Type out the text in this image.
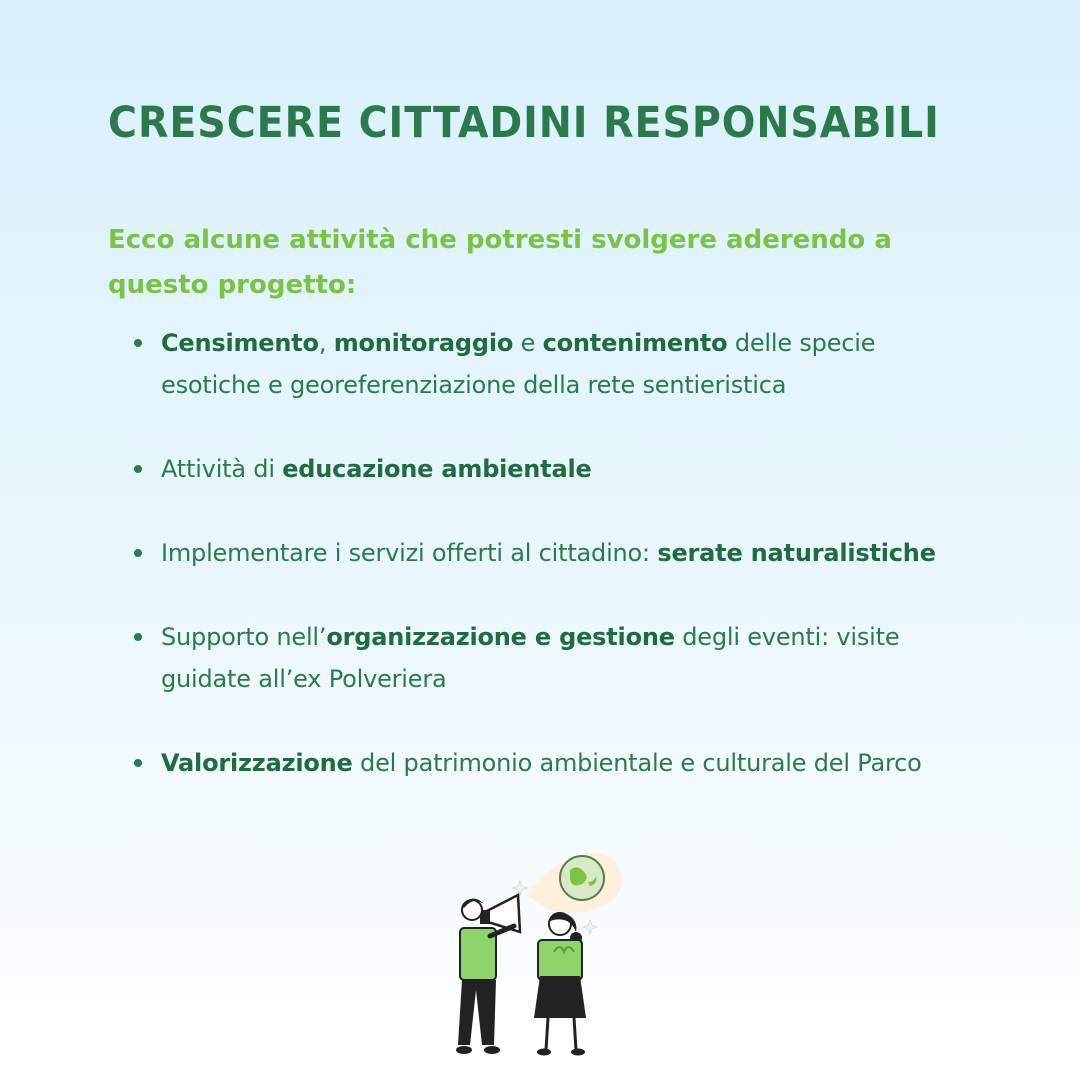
CRESCERE CITTADINI RESPONSABILI
Ecco alcune attività che potresti svolgere aderendo a questo progetto:
Censimento, monitoraggio e contenimento delle specie esotiche e georeferenziazione della rete sentieristica
Attività di educazione ambientale
Implementare i servizi offerti al cittadino: serate naturalistiche
Supporto nell’organizzazione e gestione degli eventi: visite guidate all’ex Polveriera
Valorizzazione del patrimonio ambientale e culturale del Parco
